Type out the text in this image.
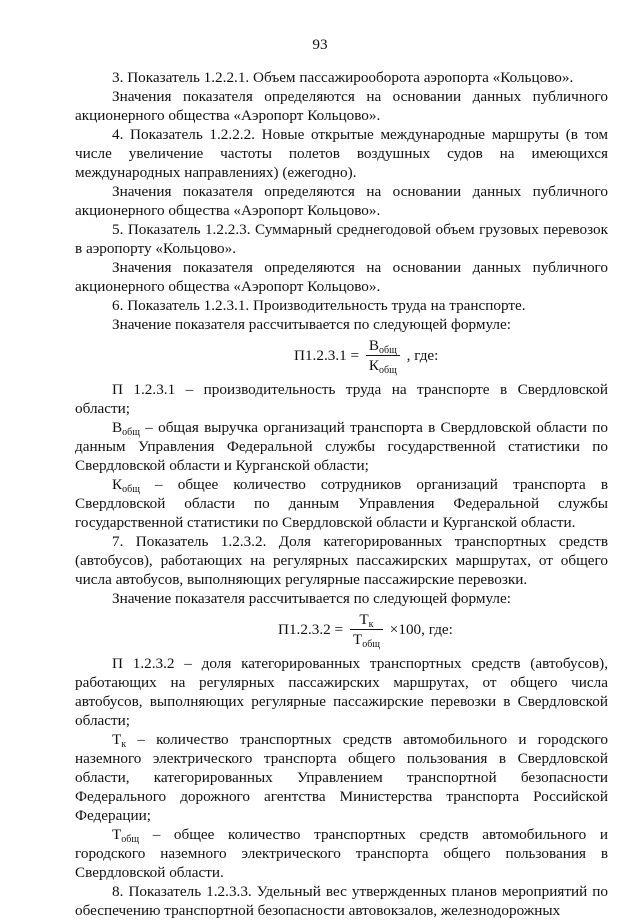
93

3. Показатель 1.2.2.1. Объем пассажирооборота аэропорта «Кольцово».

Значения показателя определяются на основании данных публичного акционерного общества «Аэропорт Кольцово».

4. Показатель 1.2.2.2. Новые открытые международные маршруты (в том числе увеличение частоты полетов воздушных судов на имеющихся международных направлениях) (ежегодно).

Значения показателя определяются на основании данных публичного акционерного общества «Аэропорт Кольцово».

5. Показатель 1.2.2.3. Суммарный среднегодовой объем грузовых перевозок в аэропорту «Кольцово».

Значения показателя определяются на основании данных публичного акционерного общества «Аэропорт Кольцово».

6. Показатель 1.2.3.1. Производительность труда на транспорте.

Значение показателя рассчитывается по следующей формуле:

$П1.2.3.1 = \frac{В_{общ}}{К_{общ}}$ , где:

П 1.2.3.1 – производительность труда на транспорте в Свердловской области;

$В_{общ}$ – общая выручка организаций транспорта в Свердловской области по данным Управления Федеральной службы государственной статистики по Свердловской области и Курганской области;

$К_{общ}$ – общее количество сотрудников организаций транспорта в Свердловской области по данным Управления Федеральной службы государственной статистики по Свердловской области и Курганской области.

7. Показатель 1.2.3.2. Доля категорированных транспортных средств (автобусов), работающих на регулярных пассажирских маршрутах, от общего числа автобусов, выполняющих регулярные пассажирские перевозки.

Значение показателя рассчитывается по следующей формуле:

$П1.2.3.2 = \frac{Т_к}{Т_{общ}} \times 100$, где:

П 1.2.3.2 – доля категорированных транспортных средств (автобусов), работающих на регулярных пассажирских маршрутах, от общего числа автобусов, выполняющих регулярные пассажирские перевозки в Свердловской области;

$Т_к$ – количество транспортных средств автомобильного и городского наземного электрического транспорта общего пользования в Свердловской области, категорированных Управлением транспортной безопасности Федерального дорожного агентства Министерства транспорта Российской Федерации;

$Т_{общ}$ – общее количество транспортных средств автомобильного и городского наземного электрического транспорта общего пользования в Свердловской области.

8. Показатель 1.2.3.3. Удельный вес утвержденных планов мероприятий по обеспечению транспортной безопасности автовокзалов, железнодорожных
